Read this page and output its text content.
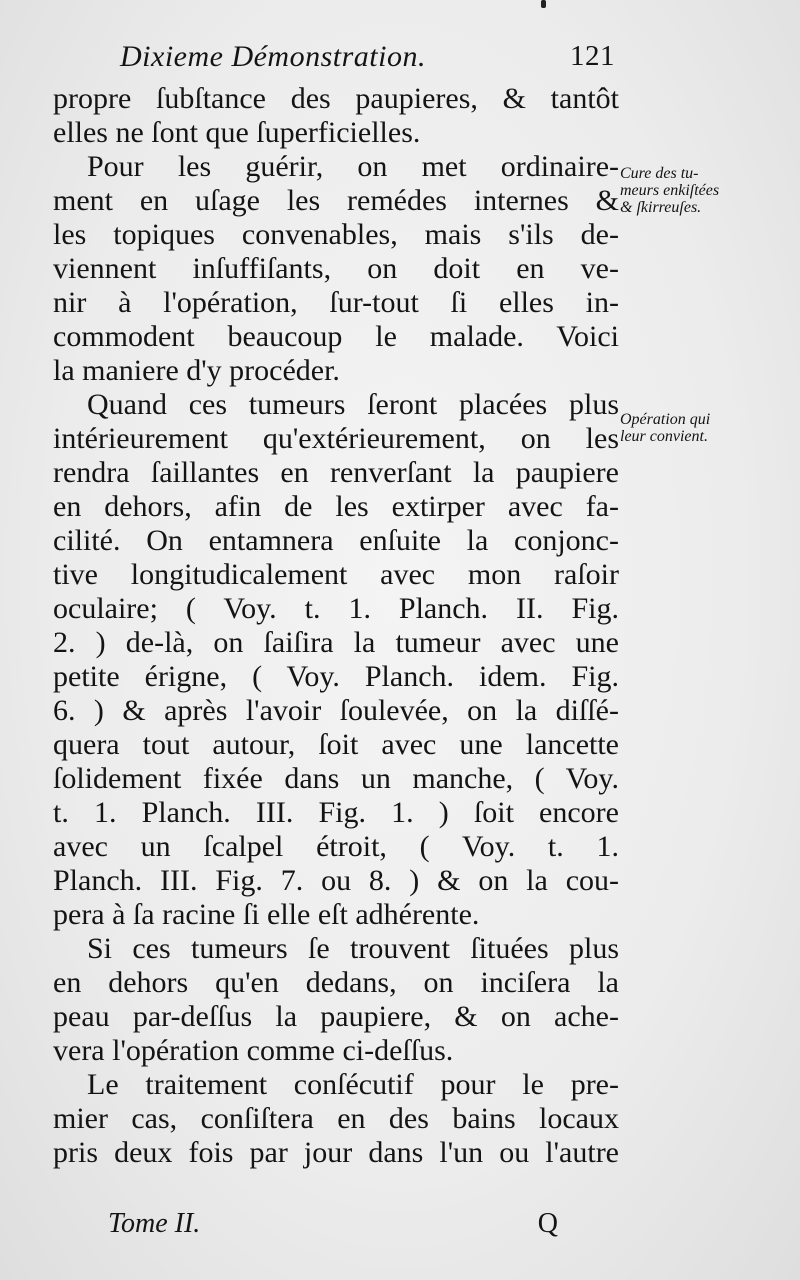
Dixieme Démonstration.	121
propre ſubſtance des paupieres, & tantôt
elles ne ſont que ſuperficielles.
Pour les guérir, on met ordinaire-
ment en uſage les remédes internes &
les topiques convenables, mais s'ils de-
viennent inſuffiſants, on doit en ve-
nir à l'opération, ſur-tout ſi elles in-
commodent beaucoup le malade. Voici
la maniere d'y procéder.
Quand ces tumeurs ſeront placées plus
intérieurement qu'extérieurement, on les
rendra ſaillantes en renverſant la paupiere
en dehors, afin de les extirper avec fa-
cilité. On entamnera enſuite la conjonc-
tive longitudicalement avec mon raſoir
oculaire; ( Voy. t. 1. Planch. II. Fig.
2. ) de-là, on ſaiſira la tumeur avec une
petite érigne, ( Voy. Planch. idem. Fig.
6. ) & après l'avoir ſoulevée, on la diſſé-
quera tout autour, ſoit avec une lancette
ſolidement fixée dans un manche, ( Voy.
t. 1. Planch. III. Fig. 1. ) ſoit encore
avec un ſcalpel étroit, ( Voy. t. 1.
Planch. III. Fig. 7. ou 8. ) & on la cou-
pera à ſa racine ſi elle eſt adhérente.
Si ces tumeurs ſe trouvent ſituées plus
en dehors qu'en dedans, on inciſera la
peau par-deſſus la paupiere, & on ache-
vera l'opération comme ci-deſſus.
Le traitement conſécutif pour le pre-
mier cas, conſiſtera en des bains locaux
pris deux fois par jour dans l'un ou l'autre
Cure des tu-
meurs enkiſtées
& ſkirreuſes.
Opération qui
leur convient.
Tome II.	Q
